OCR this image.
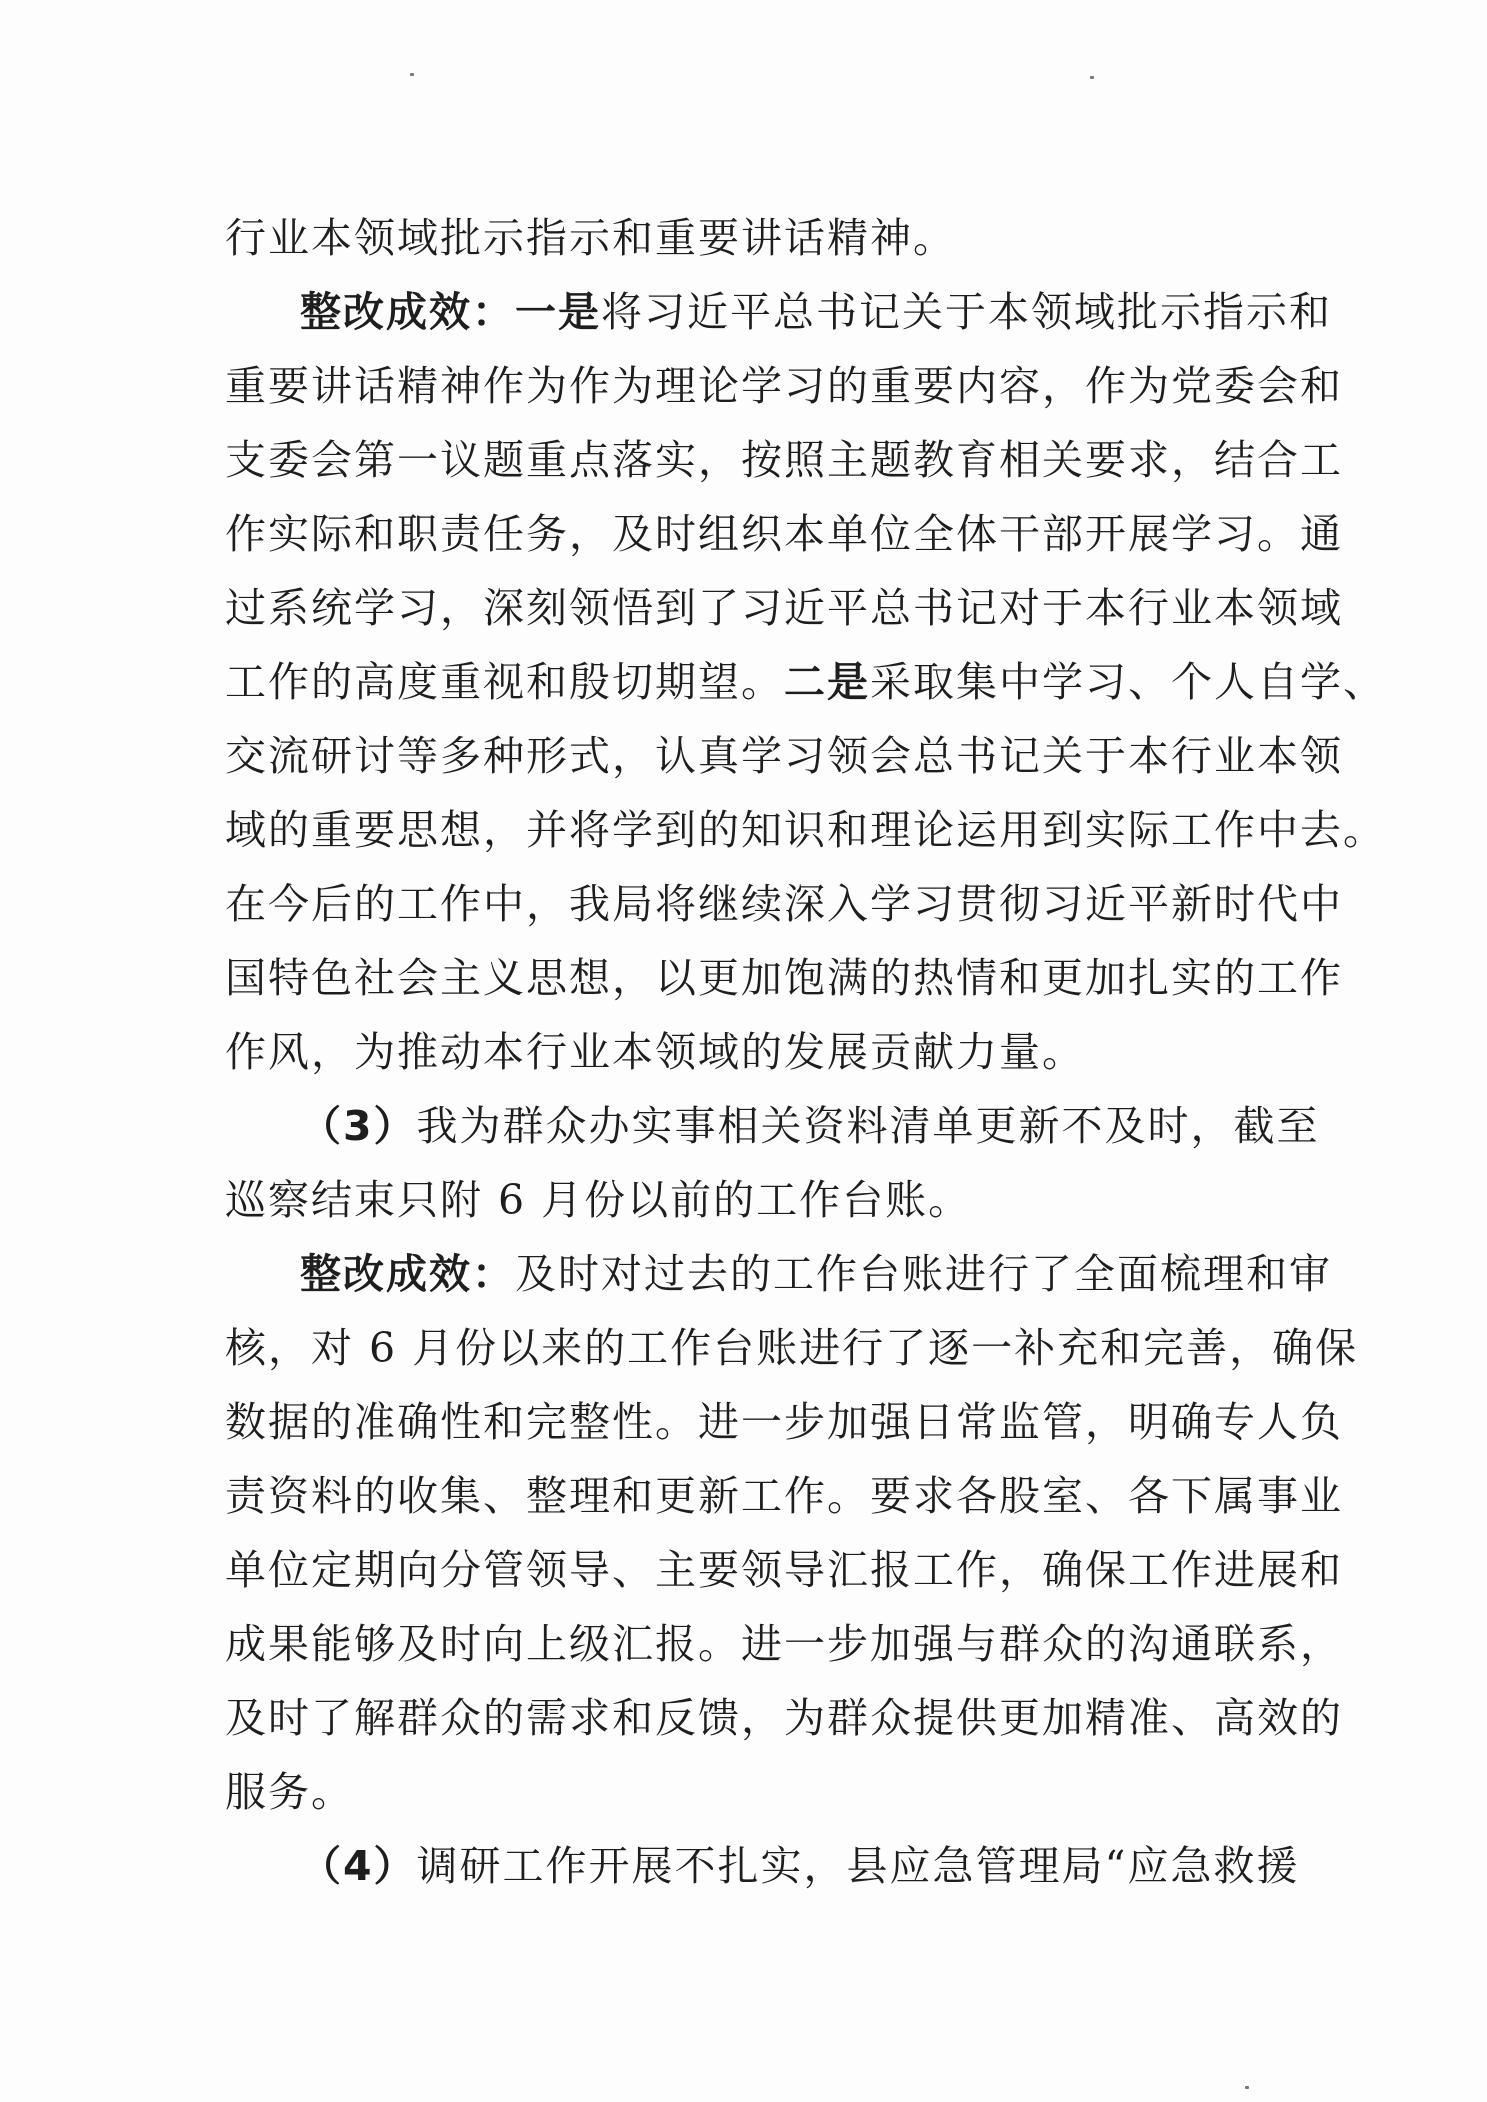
行业本领域批示指示和重要讲话精神。
整改成效：一是将习近平总书记关于本领域批示指示和
重要讲话精神作为作为理论学习的重要内容，作为党委会和
支委会第一议题重点落实，按照主题教育相关要求，结合工
作实际和职责任务，及时组织本单位全体干部开展学习。通
过系统学习，深刻领悟到了习近平总书记对于本行业本领域
工作的高度重视和殷切期望。二是采取集中学习、个人自学、
交流研讨等多种形式，认真学习领会总书记关于本行业本领
域的重要思想，并将学到的知识和理论运用到实际工作中去。
在今后的工作中，我局将继续深入学习贯彻习近平新时代中
国特色社会主义思想，以更加饱满的热情和更加扎实的工作
作风，为推动本行业本领域的发展贡献力量。
（3）我为群众办实事相关资料清单更新不及时，截至
巡察结束只附 6 月份以前的工作台账。
整改成效：及时对过去的工作台账进行了全面梳理和审
核，对 6 月份以来的工作台账进行了逐一补充和完善，确保
数据的准确性和完整性。进一步加强日常监管，明确专人负
责资料的收集、整理和更新工作。要求各股室、各下属事业
单位定期向分管领导、主要领导汇报工作，确保工作进展和
成果能够及时向上级汇报。进一步加强与群众的沟通联系，
及时了解群众的需求和反馈，为群众提供更加精准、高效的
服务。
（4）调研工作开展不扎实，县应急管理局“应急救援
